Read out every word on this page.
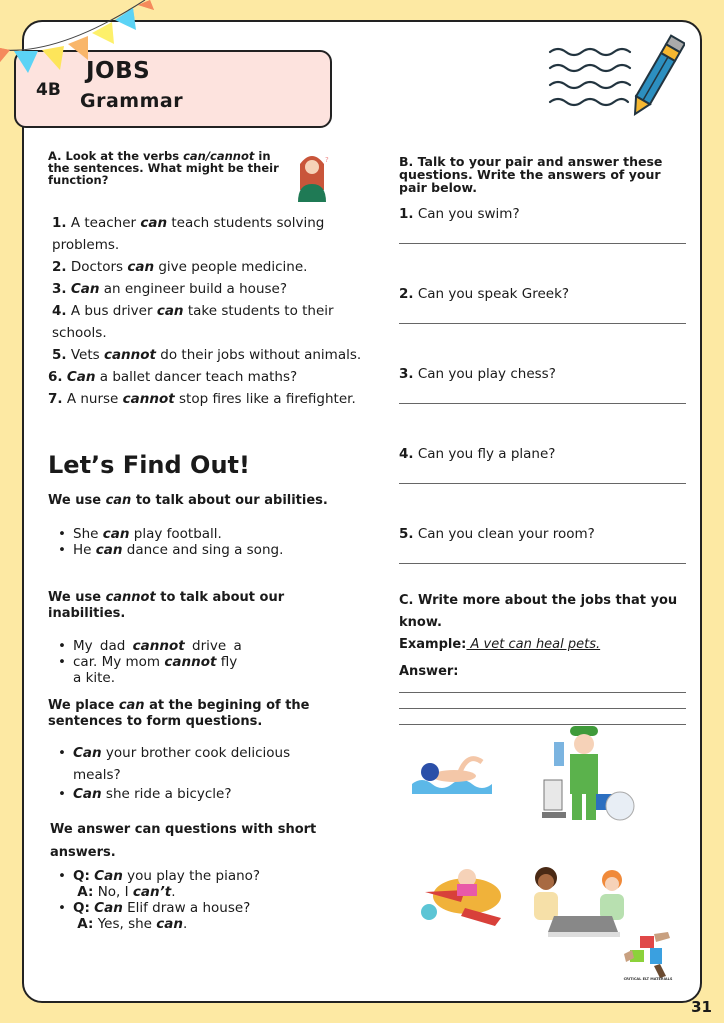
4B
JOBS
Grammar
A. Look at the verbs can/cannot in the sentences. What might be their function?
?
1. A teacher can teach students solving problems.
2. Doctors can give people medicine.
3. Can an engineer build a house?
4. A bus driver can take students to their schools.
5. Vets cannot do their jobs without animals.
6. Can a ballet dancer teach maths?
7. A nurse cannot stop fires like a firefighter.
Let’s Find Out!
We use can to talk about our abilities.
• She can play football.
• He can dance and sing a song.
We use cannot to talk about our inabilities.
• My dad cannot drive a
• car. My mom cannot fly
a kite.
We place can at the begining of the sentences to form questions.
• Can your brother cook delicious meals?
• Can she ride a bicycle?
We answer can questions with short answers.
• Q: Can you play the piano?
A: No, I can’t.
• Q: Can Elif draw a house?
A: Yes, she can.
B. Talk to your pair and answer these questions. Write the answers of your pair below.
1. Can you swim?
2. Can you speak Greek?
3. Can you play chess?
4. Can you fly a plane?
5. Can you clean your room?
C. Write more about the jobs that you know.
Example: A vet can heal pets.
Answer:
CRITICAL ELT MATERIALS
31
